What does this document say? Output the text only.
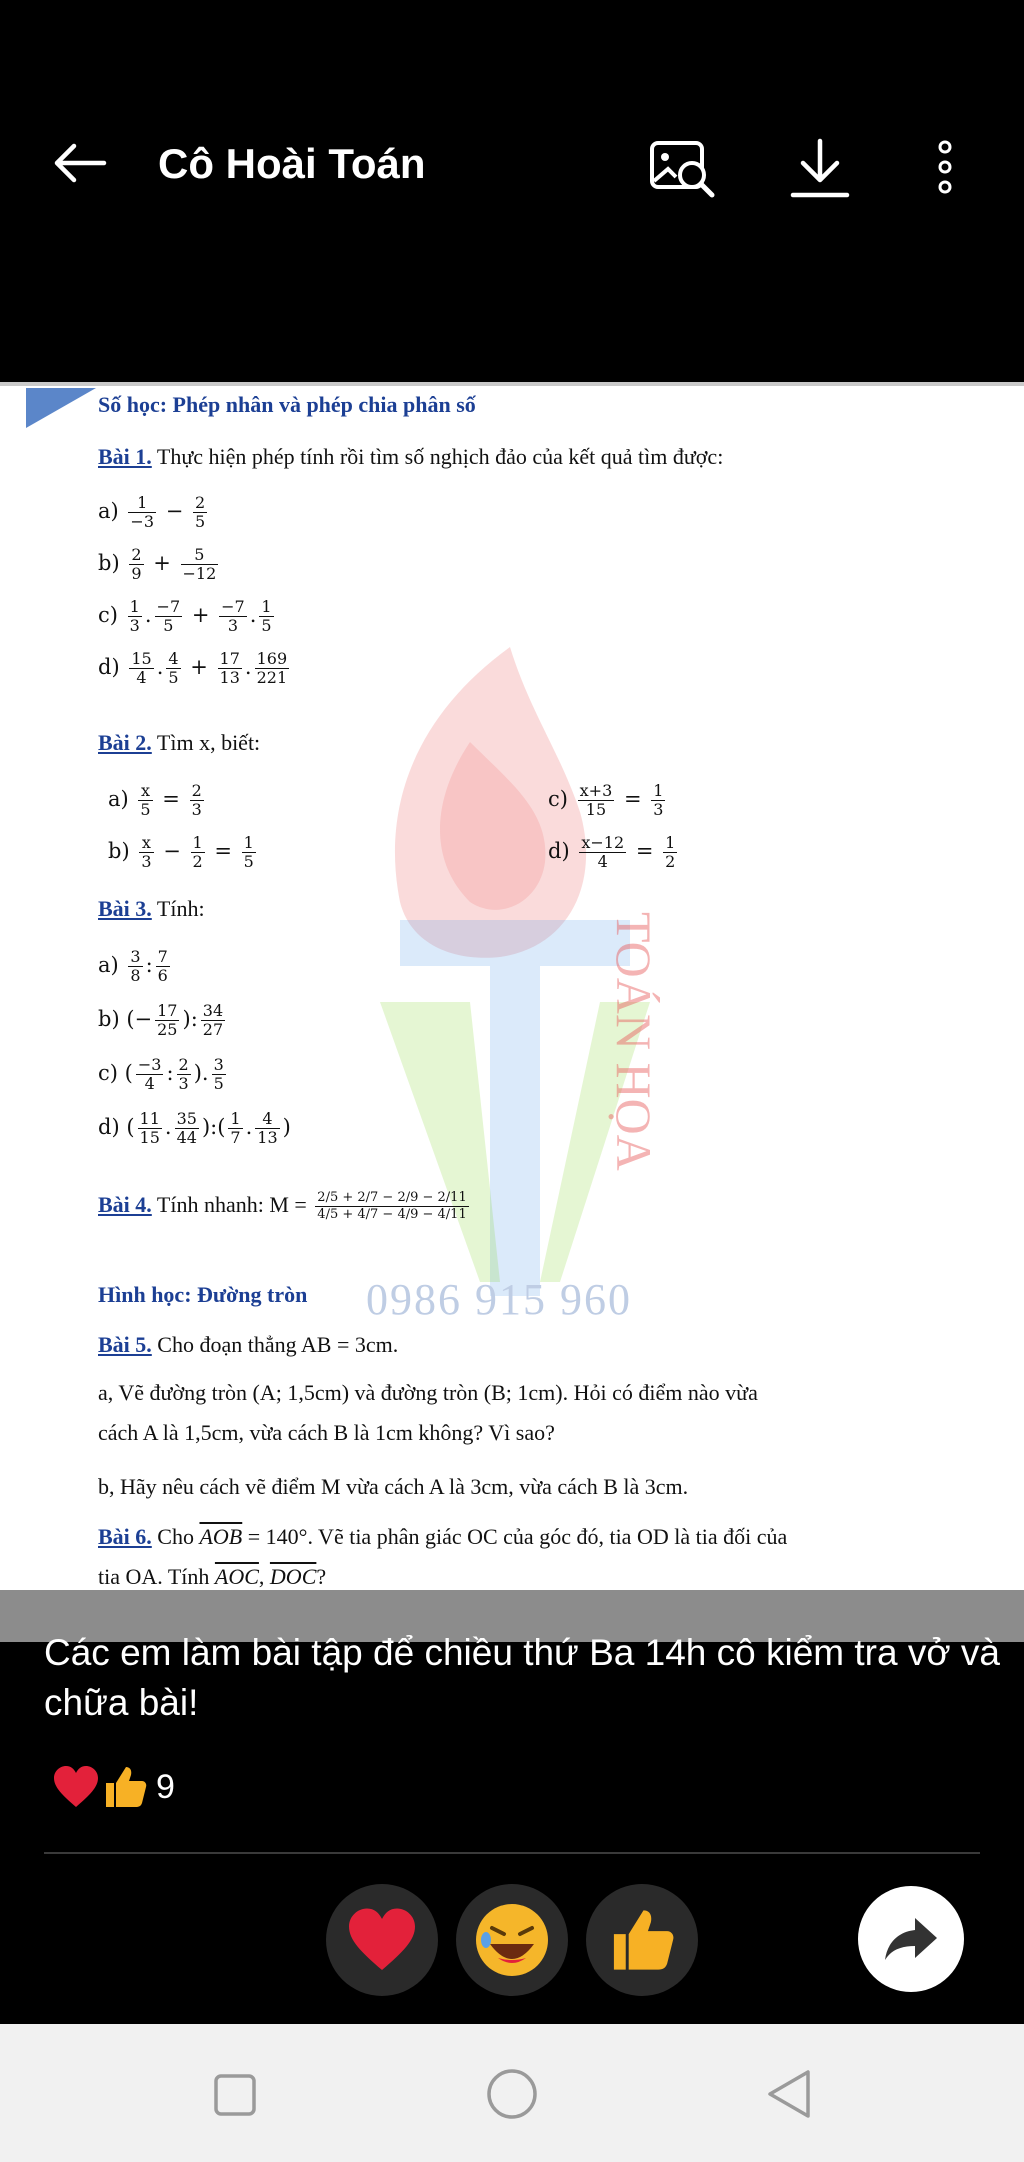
Cô Hoài Toán
TOÁN HỌA
0986 915 960
Số học: Phép nhân và phép chia phân số
Bài 1. Thực hiện phép tính rồi tìm số nghịch đảo của kết quả tìm được:
$a) \frac{1}{-3} - \frac{2}{5}$
$b) \frac{2}{9} + \frac{5}{-12}$
$c) \frac{1}{3}$ . $\frac{-7}{5} + \frac{-7}{3}$ . $\frac{1}{5}$
$d) \frac{15}{4}$ . $\frac{4}{5} + \frac{17}{13}$ . $\frac{169}{221}$
Bài 2. Tìm x, biết:
$a) \frac{x}{5} = \frac{2}{3}$	$c) \frac{x+3}{15} = \frac{1}{3}$
$b) \frac{x}{3} - \frac{1}{2} = \frac{1}{5}$	$d) \frac{x-12}{4} = \frac{1}{2}$
Bài 3. Tính:
$a) \frac{3}{8}$ : $\frac{7}{6}$
b) (− $\frac{17}{25}$ ): $\frac{34}{27}$
c) ( $\frac{-3}{4}$ : $\frac{2}{3}$ ). $\frac{3}{5}$
d) ( $\frac{11}{15}$ . $\frac{35}{44}$ ):( $\frac{1}{7}$ . $\frac{4}{13}$ )
Bài 4. Tính nhanh: $M = \frac{2/5 + 2/7 - 2/9 - 2/11}{4/5 + 4/7 - 4/9 - 4/11}$
Hình học: Đường tròn
Bài 5. Cho đoạn thẳng AB = 3cm.
a, Vẽ đường tròn (A; 1,5cm) và đường tròn (B; 1cm). Hỏi có điểm nào vừa
cách A là 1,5cm, vừa cách B là 1cm không? Vì sao?
b, Hãy nêu cách vẽ điểm M vừa cách A là 3cm, vừa cách B là 3cm.
Bài 6. Cho $\overline{AOB} = 140^\circ$. Vẽ tia phân giác OC của góc đó, tia OD là tia đối của
tia OA. Tính $\overline{AOC}$, $\overline{DOC}$?
Các em làm bài tập để chiều thứ Ba 14h cô kiểm tra vở và chữa bài!
9
